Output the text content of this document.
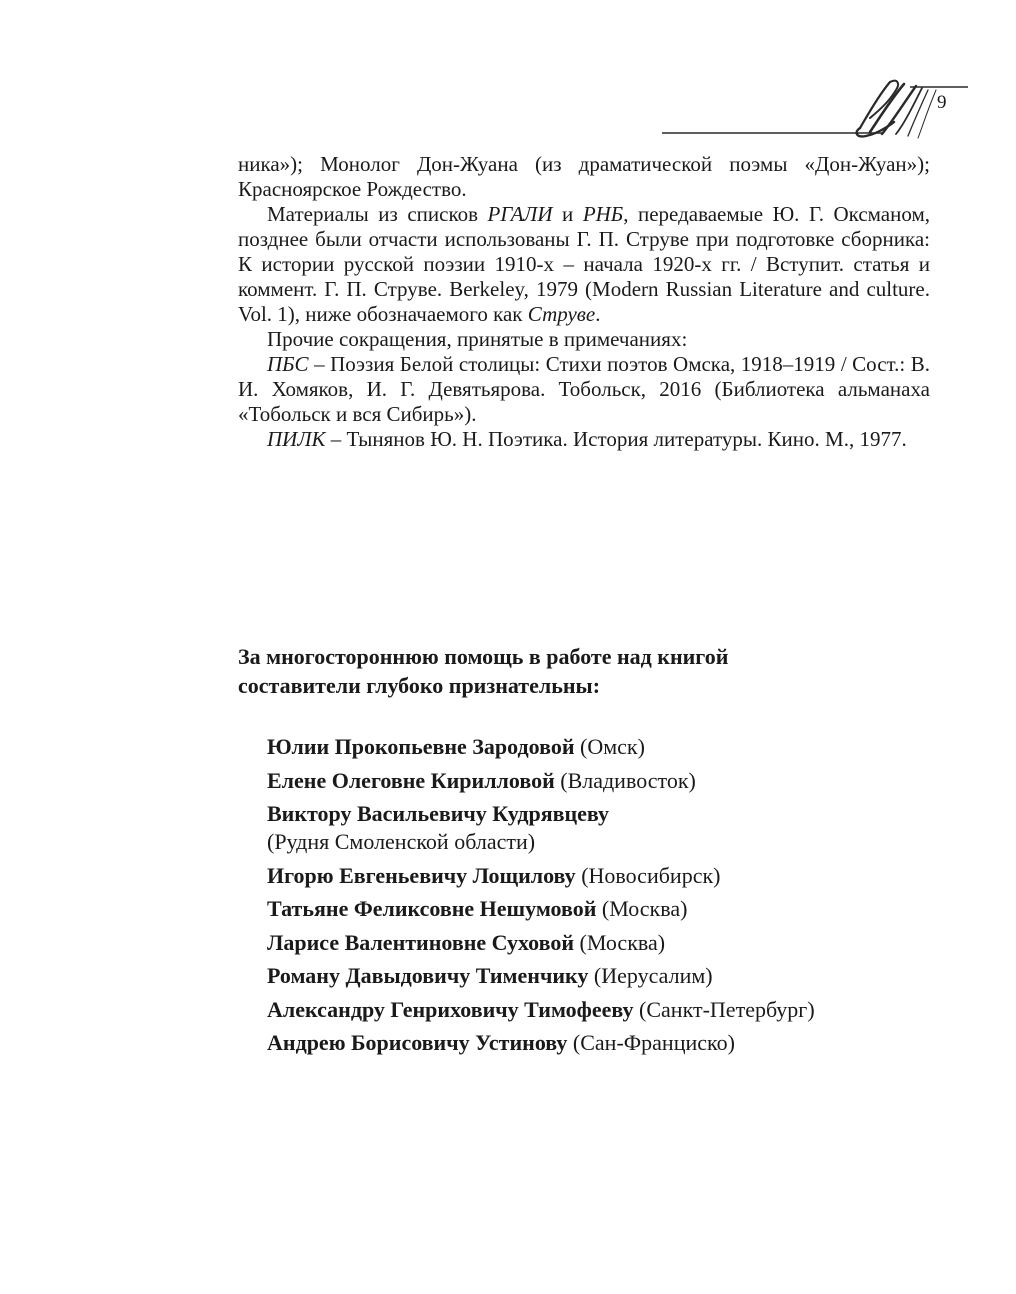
9

ника»); Монолог Дон-Жуана (из драматической поэмы «Дон-Жуан»); Красноярское Рождество.

Материалы из списков РГАЛИ и РНБ, передаваемые Ю. Г. Оксманом, позднее были отчасти использованы Г. П. Струве при подготовке сборника: К истории русской поэзии 1910-х – начала 1920-х гг. / Вступит. статья и коммент. Г. П. Струве. Berkeley, 1979 (Modern Russian Literature and culture. Vol. 1), ниже обозначаемого как Струве.

Прочие сокращения, принятые в примечаниях:

ПБС – Поэзия Белой столицы: Стихи поэтов Омска, 1918–1919 / Сост.: В. И. Хомяков, И. Г. Девятьярова. Тобольск, 2016 (Библиотека альманаха «Тобольск и вся Сибирь»).

ПИЛК – Тынянов Ю. Н. Поэтика. История литературы. Кино. М., 1977.

За многостороннюю помощь в работе над книгой
составители глубоко признательны:
Юлии Прокопьевне Зародовой (Омск)
Елене Олеговне Кирилловой (Владивосток)
Виктору Васильевичу Кудрявцеву
(Рудня Смоленской области)
Игорю Евгеньевичу Лощилову (Новосибирск)
Татьяне Феликсовне Нешумовой (Москва)
Ларисе Валентиновне Суховой (Москва)
Роману Давыдовичу Тименчику (Иерусалим)
Александру Генриховичу Тимофееву (Санкт-Петербург)
Андрею Борисовичу Устинову (Сан-Франциско)
